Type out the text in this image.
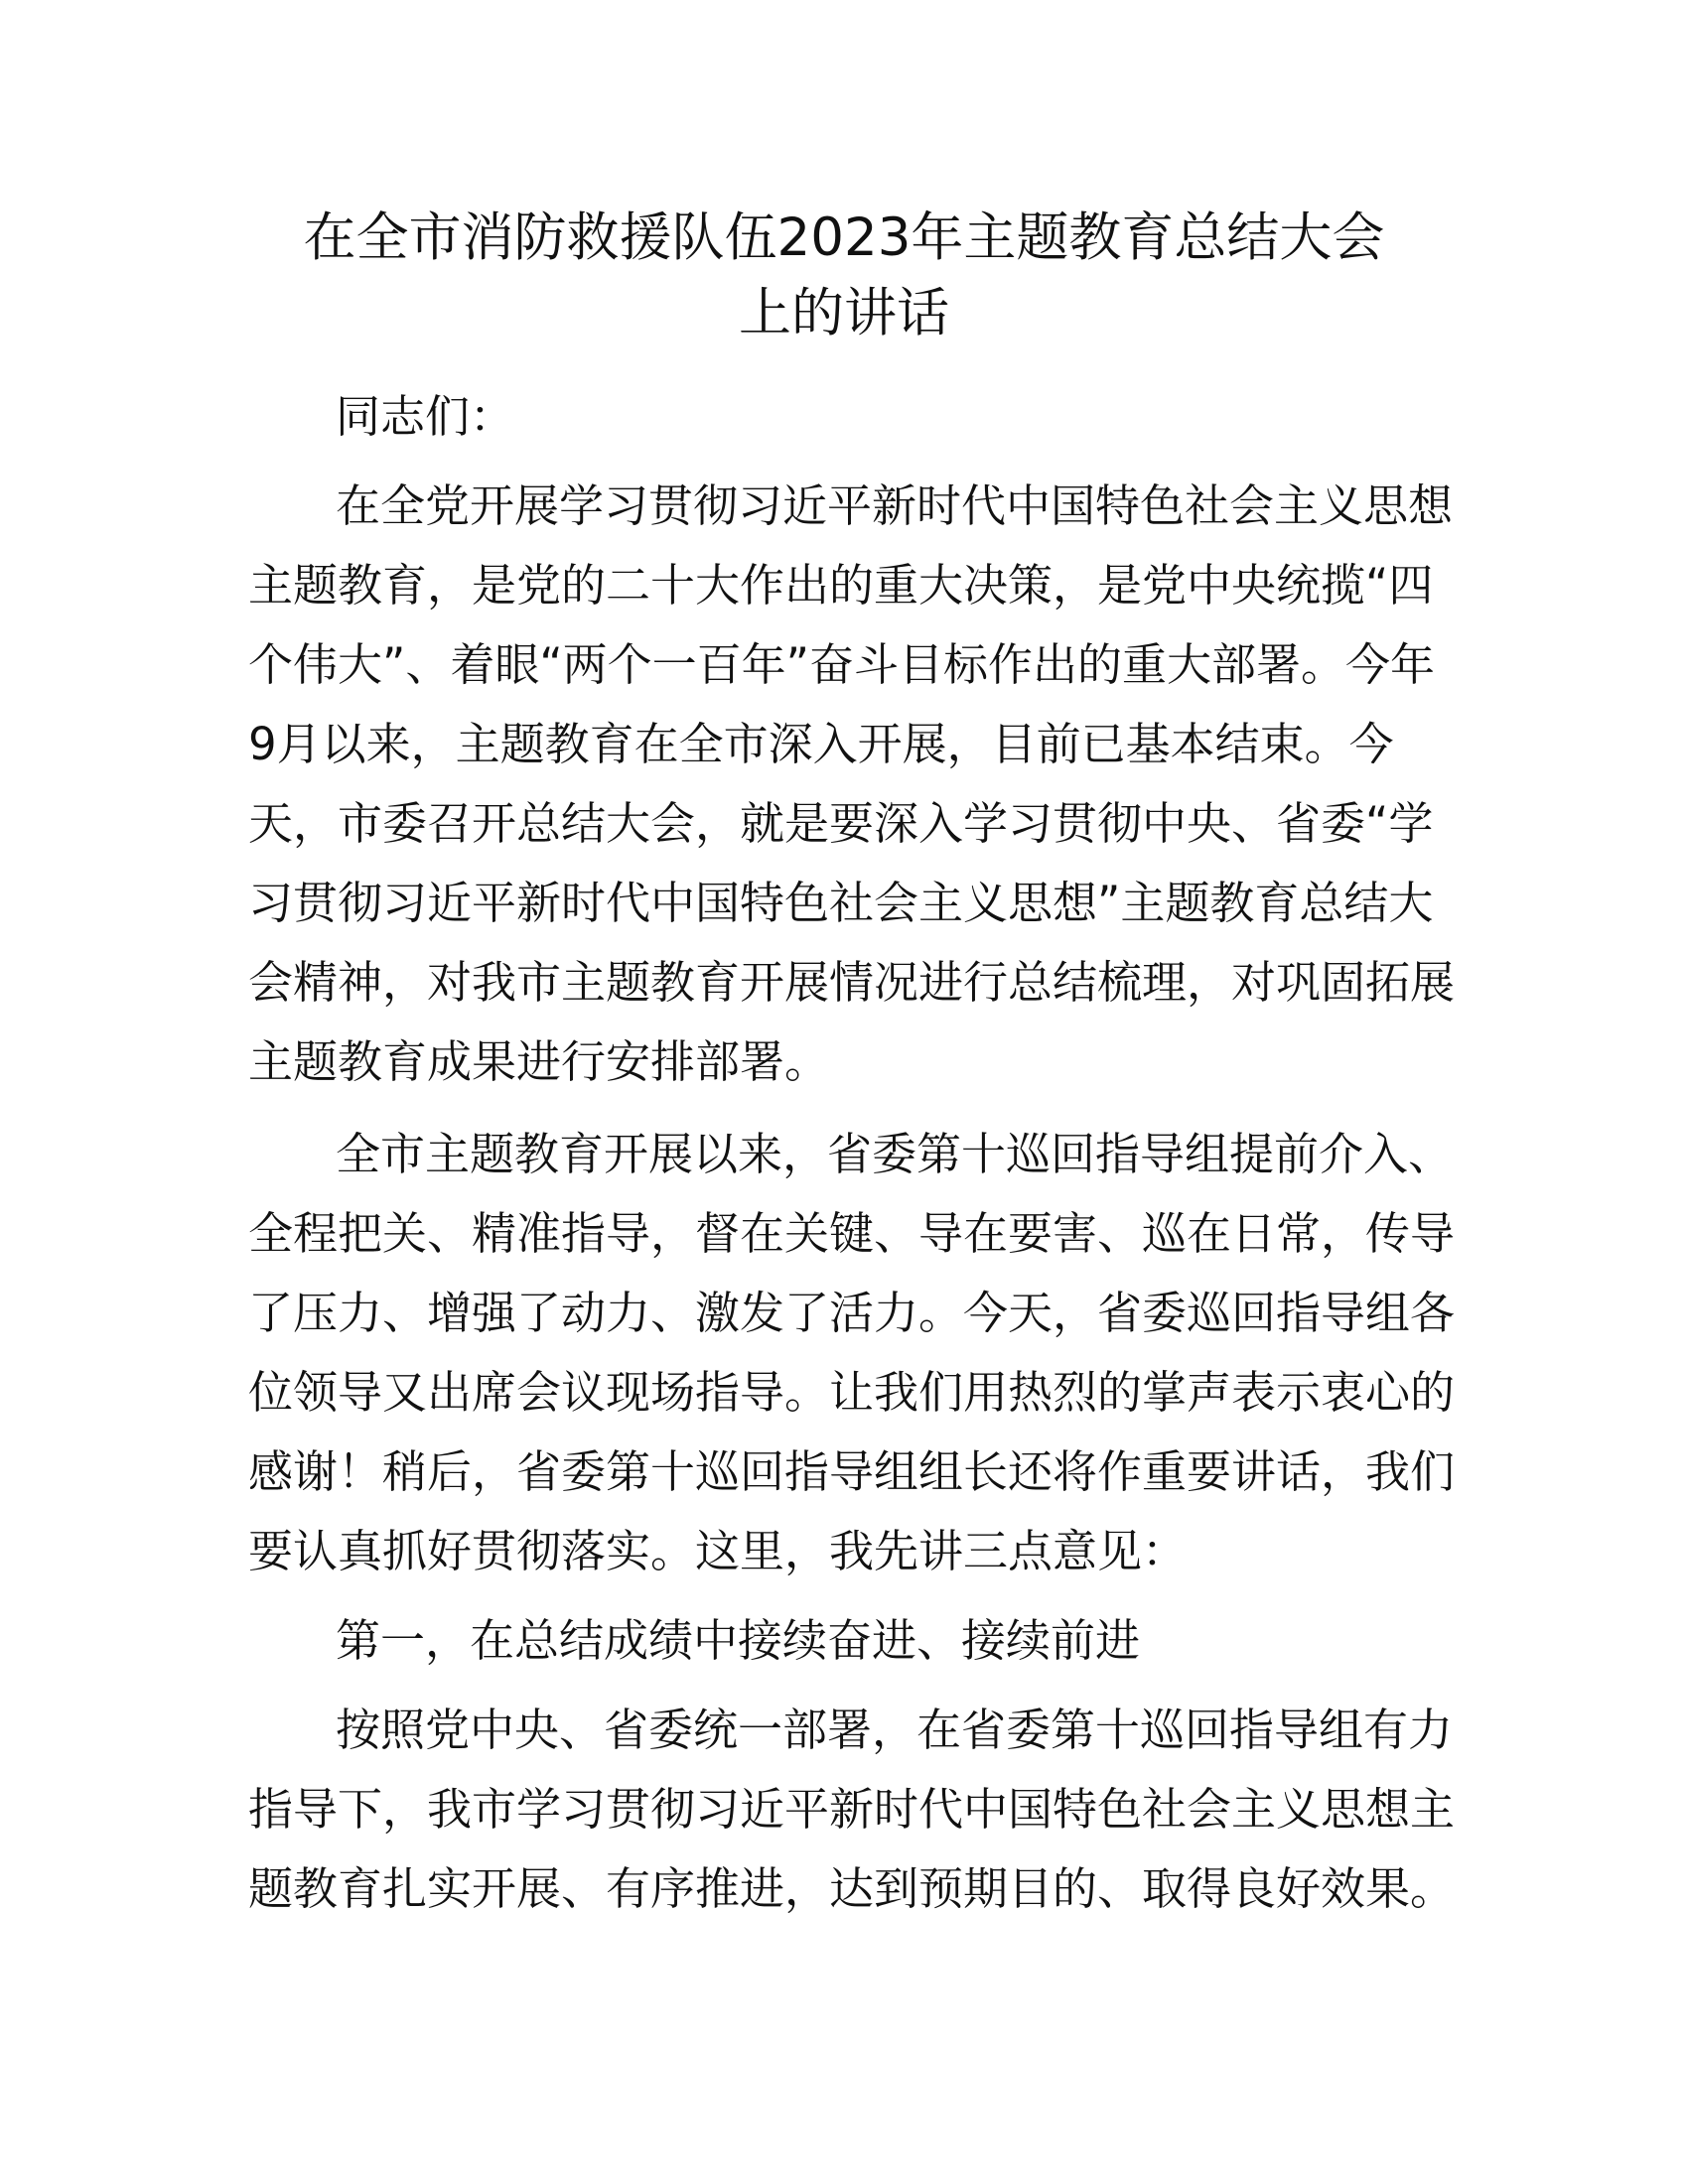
在全市消防救援队伍2023年主题教育总结大会
上的讲话

同志们：

在全党开展学习贯彻习近平新时代中国特色社会主义思想

主题教育，是党的二十大作出的重大决策，是党中央统揽“四

个伟大”、着眼“两个一百年”奋斗目标作出的重大部署。今年

9月以来，主题教育在全市深入开展，目前已基本结束。今

天，市委召开总结大会，就是要深入学习贯彻中央、省委“学

习贯彻习近平新时代中国特色社会主义思想”主题教育总结大

会精神，对我市主题教育开展情况进行总结梳理，对巩固拓展

主题教育成果进行安排部署。

全市主题教育开展以来，省委第十巡回指导组提前介入、

全程把关、精准指导，督在关键、导在要害、巡在日常，传导

了压力、增强了动力、激发了活力。今天，省委巡回指导组各

位领导又出席会议现场指导。让我们用热烈的掌声表示衷心的

感谢！稍后，省委第十巡回指导组组长还将作重要讲话，我们

要认真抓好贯彻落实。这里，我先讲三点意见：

第一，在总结成绩中接续奋进、接续前进

按照党中央、省委统一部署，在省委第十巡回指导组有力

指导下，我市学习贯彻习近平新时代中国特色社会主义思想主

题教育扎实开展、有序推进，达到预期目的、取得良好效果。
